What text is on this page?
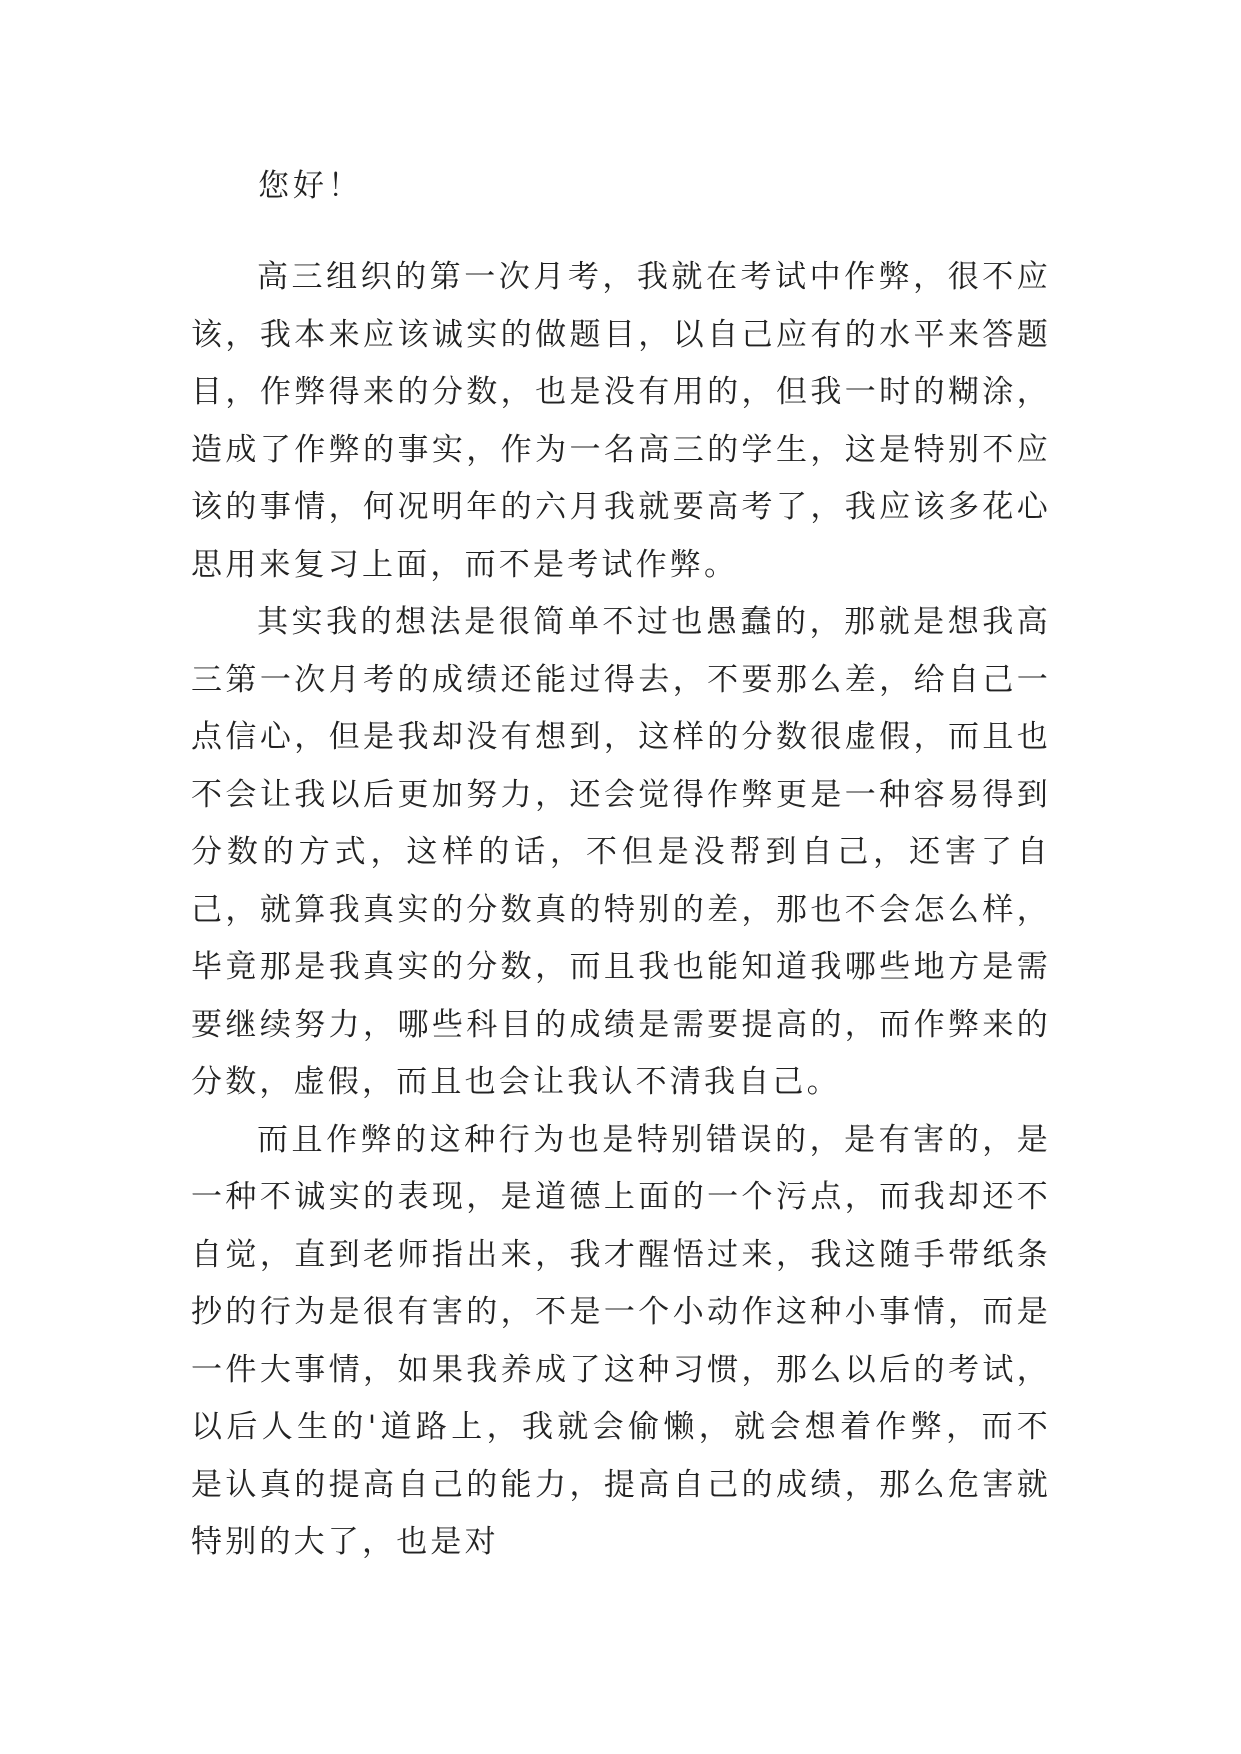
您好！

高三组织的第一次月考，我就在考试中作弊，很不应该，我本来应该诚实的做题目，以自己应有的水平来答题目，作弊得来的分数，也是没有用的，但我一时的糊涂，造成了作弊的事实，作为一名高三的学生，这是特别不应该的事情，何况明年的六月我就要高考了，我应该多花心思用来复习上面，而不是考试作弊。

其实我的想法是很简单不过也愚蠢的，那就是想我高三第一次月考的成绩还能过得去，不要那么差，给自己一点信心，但是我却没有想到，这样的分数很虚假，而且也不会让我以后更加努力，还会觉得作弊更是一种容易得到分数的方式，这样的话，不但是没帮到自己，还害了自己，就算我真实的分数真的特别的差，那也不会怎么样，毕竟那是我真实的分数，而且我也能知道我哪些地方是需要继续努力，哪些科目的成绩是需要提高的，而作弊来的分数，虚假，而且也会让我认不清我自己。

而且作弊的这种行为也是特别错误的，是有害的，是一种不诚实的表现，是道德上面的一个污点，而我却还不自觉，直到老师指出来，我才醒悟过来，我这随手带纸条抄的行为是很有害的，不是一个小动作这种小事情，而是一件大事情，如果我养成了这种习惯，那么以后的考试，以后人生的'道路上，我就会偷懒，就会想着作弊，而不是认真的提高自己的能力，提高自己的成绩，那么危害就特别的大了，也是对
